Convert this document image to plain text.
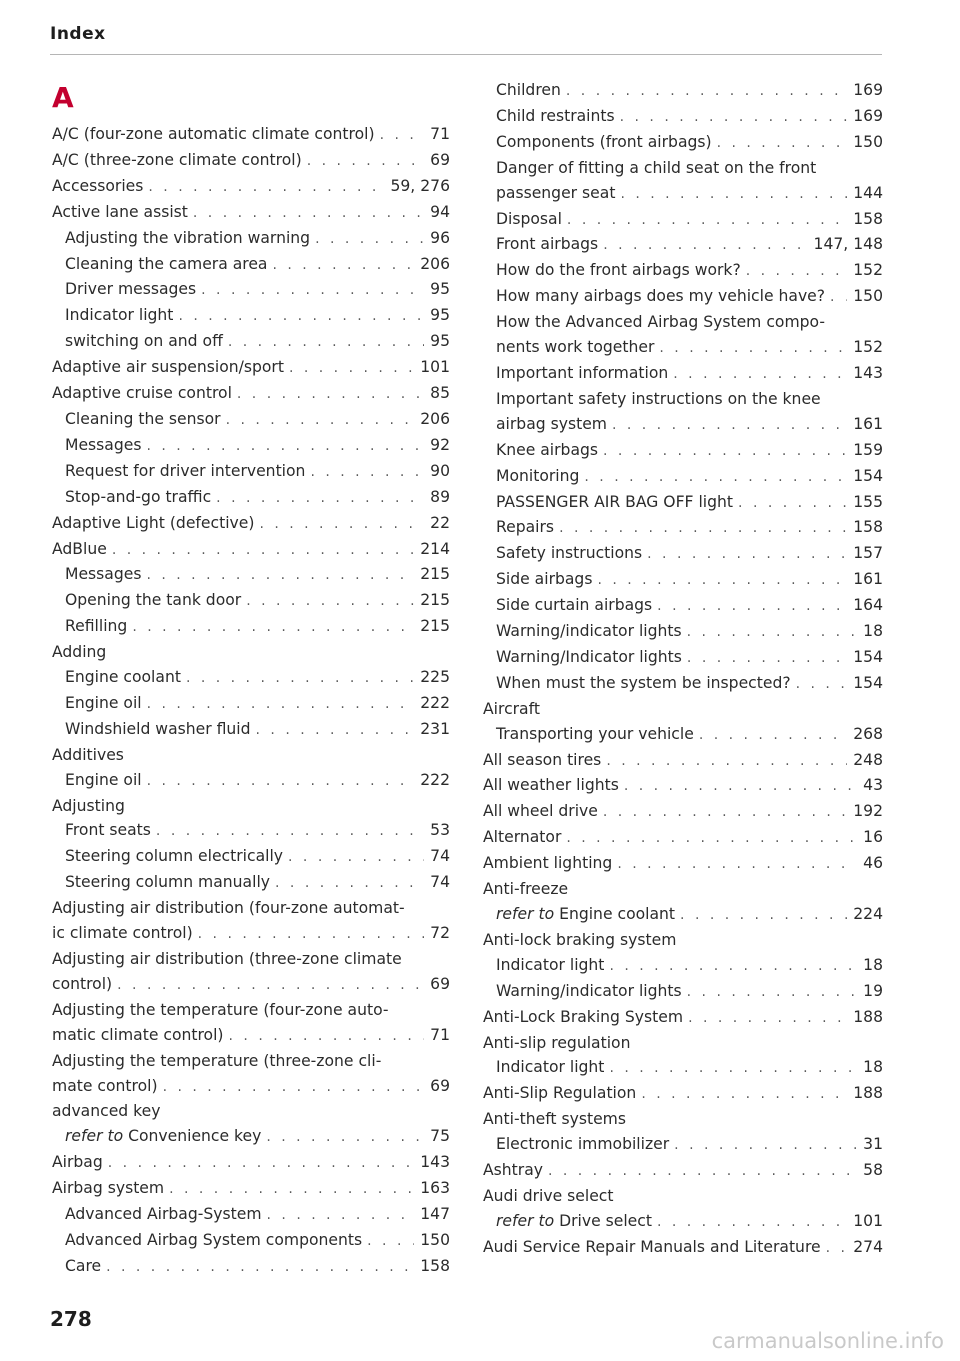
Index
A
A/C (four-zone automatic climate control) . . .	71
A/C (three-zone climate control) . . .	69
Accessories . . .	59, 276
Active lane assist . . .	94
Adjusting the vibration warning . . .	96
Cleaning the camera area . . .	206
Driver messages . . .	95
Indicator light . . .	95
switching on and off . . .	95
Adaptive air suspension/sport . . .	101
Adaptive cruise control . . .	85
Cleaning the sensor . . .	206
Messages . . .	92
Request for driver intervention . . .	90
Stop-and-go traffic . . .	89
Adaptive Light (defective) . . .	22
AdBlue . . .	214
Messages . . .	215
Opening the tank door . . .	215
Refilling . . .	215
Adding
Engine coolant . . .	225
Engine oil . . .	222
Windshield washer fluid . . .	231
Additives
Engine oil . . .	222
Adjusting
Front seats . . .	53
Steering column electrically . . .	74
Steering column manually . . .	74
Adjusting air distribution (four-zone automat-
ic climate control) . . .	72
Adjusting air distribution (three-zone climate
control) . . .	69
Adjusting the temperature (four-zone auto-
matic climate control) . . .	71
Adjusting the temperature (three-zone cli-
mate control) . . .	69
advanced key
refer to Convenience key . . .	75
Airbag . . .	143
Airbag system . . .	163
Advanced Airbag-System . . .	147
Advanced Airbag System components . . .	150
Care . . .	158
Children . . .	169
Child restraints . . .	169
Components (front airbags) . . .	150
Danger of fitting a child seat on the front
passenger seat . . .	144
Disposal . . .	158
Front airbags . . .	147, 148
How do the front airbags work? . . .	152
How many airbags does my vehicle have? . . .	150
How the Advanced Airbag System compo-
nents work together . . .	152
Important information . . .	143
Important safety instructions on the knee
airbag system . . .	161
Knee airbags . . .	159
Monitoring . . .	154
PASSENGER AIR BAG OFF light . . .	155
Repairs . . .	158
Safety instructions . . .	157
Side airbags . . .	161
Side curtain airbags . . .	164
Warning/indicator lights . . .	18
Warning/Indicator lights . . .	154
When must the system be inspected? . . .	154
Aircraft
Transporting your vehicle . . .	268
All season tires . . .	248
All weather lights . . .	43
All wheel drive . . .	192
Alternator . . .	16
Ambient lighting . . .	46
Anti-freeze
refer to Engine coolant . . .	224
Anti-lock braking system
Indicator light . . .	18
Warning/indicator lights . . .	19
Anti-Lock Braking System . . .	188
Anti-slip regulation
Indicator light . . .	18
Anti-Slip Regulation . . .	188
Anti-theft systems
Electronic immobilizer . . .	31
Ashtray . . .	58
Audi drive select
refer to Drive select . . .	101
Audi Service Repair Manuals and Literature . . .	274
278
carmanualsonline.info
